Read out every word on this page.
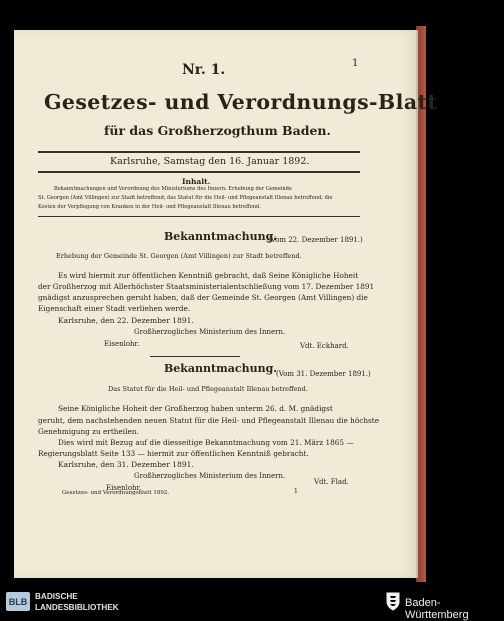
Nr. 1.	1
Gesetzes- und Verordnungs-Blatt
für das Großherzogthum Baden.
Karlsruhe, Samstag den 16. Januar 1892.
Inhalt.
Bekanntmachungen und Verordnung des Ministeriums des Innern: Erhebung der Gemeinde
St. Georgen (Amt Villingen) zur Stadt betreffend; das Statut für die Heil- und Pflegeanstalt Illenau betreffend; die
Kosten der Verpflegung von Kranken in der Heil- und Pflegeanstalt Illenau betreffend.
Bekanntmachung.
(Vom 22. Dezember 1891.)
Erhebung der Gemeinde St. Georgen (Amt Villingen) zur Stadt betreffend.
Es wird hiermit zur öffentlichen Kenntniß gebracht, daß Seine Königliche Hoheit
der Großherzog mit Allerhöchster Staatsministerialentschließung vom 17. Dezember 1891
gnädigst anzusprechen geruht haben, daß der Gemeinde St. Georgen (Amt Villingen) die
Eigenschaft einer Stadt verliehen werde.
Karlsruhe, den 22. Dezember 1891.
Großherzogliches Ministerium des Innern.
Eisenlohr.	Vdt. Eckhard.
Bekanntmachung.
(Vom 31. Dezember 1891.)
Das Statut für die Heil- und Pflegeanstalt Illenau betreffend.
Seine Königliche Hoheit der Großherzog haben unterm 26. d. M. gnädigst
geruht, dem nachstehenden neuen Statut für die Heil- und Pflegeanstalt Illenau die höchste
Genehmigung zu ertheilen.
Dies wird mit Bezug auf die diesseitige Bekanntmachung vom 21. März 1865 —
Regierungsblatt Seite 133 — hiermit zur öffentlichen Kenntniß gebracht.
Karlsruhe, den 31. Dezember 1891.
Großherzogliches Ministerium des Innern.
Eisenlohr.
Vdt. Flad.
Gesetzes- und Verordnungsblatt 1892.	1
BLB BADISCHE
LANDESBIBLIOTHEK	Baden-Württemberg
